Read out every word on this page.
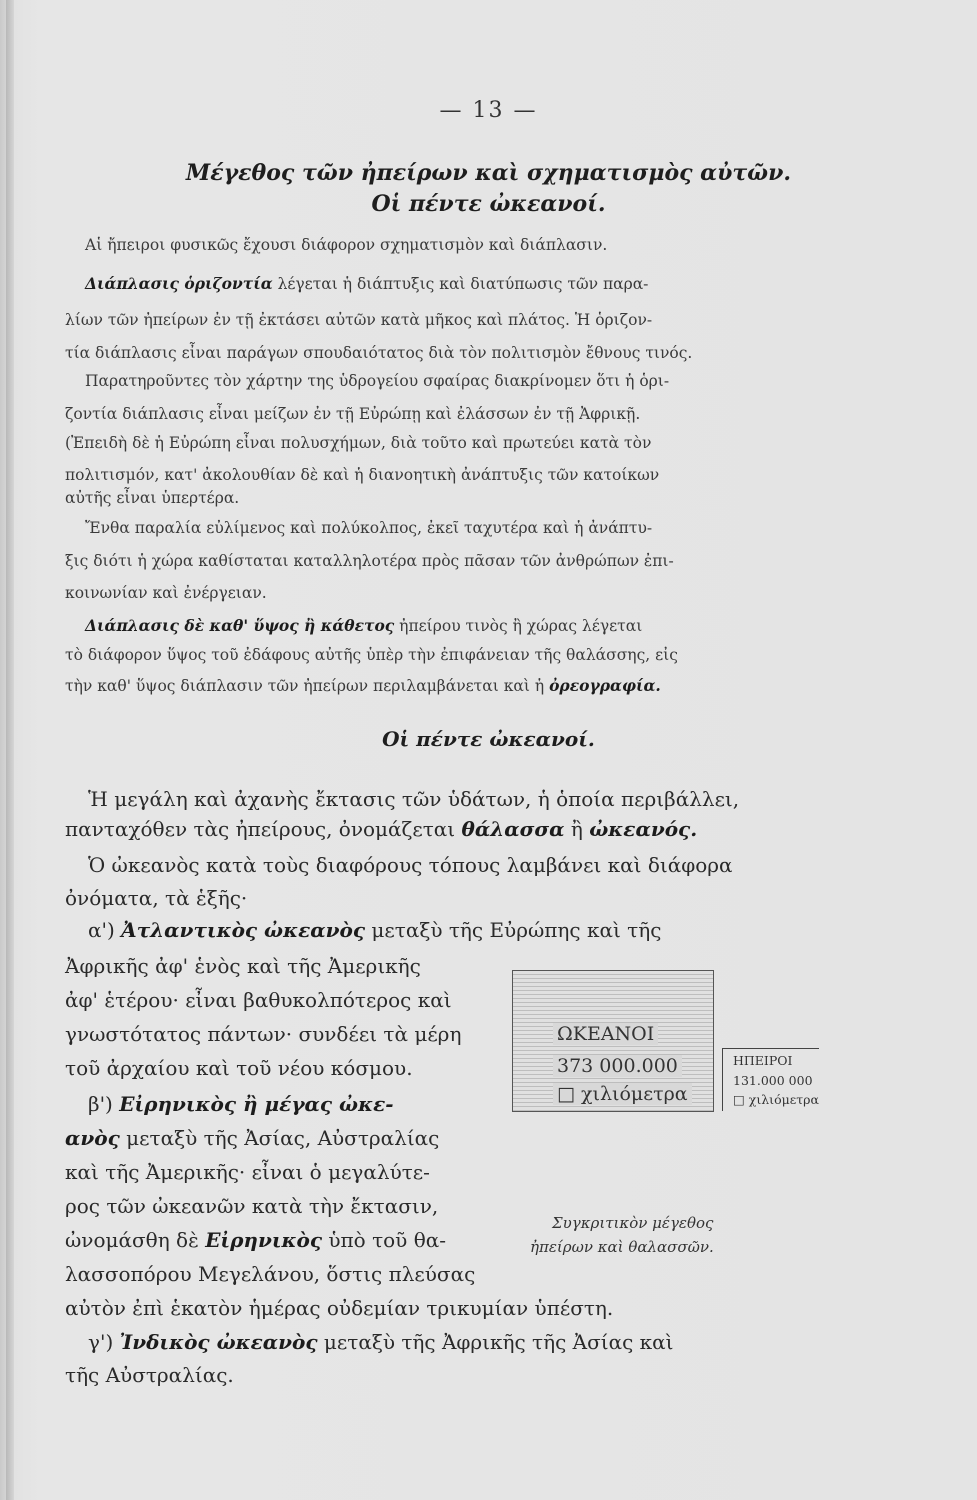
— 13 —
Μέγεθος τῶν ἠπείρων καὶ σχηματισμὸς αὐτῶν.
Οἱ πέντε ὠκεανοί.
Αἱ ἤπειροι φυσικῶς ἔχουσι διάφορον σχηματισμὸν καὶ διάπλασιν.
Διάπλασις ὁριζοντία λέγεται ἡ διάπτυξις καὶ διατύπωσις τῶν παρα-
λίων τῶν ἠπείρων ἐν τῇ ἐκτάσει αὐτῶν κατὰ μῆκος καὶ πλάτος. Ἡ ὁριζον-
τία διάπλασις εἶναι παράγων σπουδαιότατος διὰ τὸν πολιτισμὸν ἔθνους τινός.
Παρατηροῦντες τὸν χάρτην της ὑδρογείου σφαίρας διακρίνομεν ὅτι ἡ ὁρι-
ζοντία διάπλασις εἶναι μείζων ἐν τῇ Εὐρώπῃ καὶ ἐλάσσων ἐν τῇ Ἀφρικῇ.
(Ἐπειδὴ δὲ ἡ Εὐρώπη εἶναι πολυσχήμων, διὰ τοῦτο καὶ πρωτεύει κατὰ τὸν
πολιτισμόν, κατ' ἀκολουθίαν δὲ καὶ ἡ διανοητικὴ ἀνάπτυξις τῶν κατοίκων
αὐτῆς εἶναι ὑπερτέρα.
Ἔνθα παραλία εὐλίμενος καὶ πολύκολπος, ἐκεῖ ταχυτέρα καὶ ἡ ἀνάπτυ-
ξις διότι ἡ χώρα καθίσταται καταλληλοτέρα πρὸς πᾶσαν τῶν ἀνθρώπων ἐπι-
κοινωνίαν καὶ ἐνέργειαν.
Διάπλασις δὲ καθ' ὕψος ἢ κάθετος ἠπείρου τινὸς ἢ χώρας λέγεται
τὸ διάφορον ὕψος τοῦ ἐδάφους αὐτῆς ὑπὲρ τὴν ἐπιφάνειαν τῆς θαλάσσης, εἰς
τὴν καθ' ὕψος διάπλασιν τῶν ἠπείρων περιλαμβάνεται καὶ ἡ ὀρεογραφία.
Οἱ πέντε ὠκεανοί.
Ἡ μεγάλη καὶ ἀχανὴς ἔκτασις τῶν ὑδάτων, ἡ ὁποία περιβάλλει,
πανταχόθεν τὰς ἠπείρους, ὀνομάζεται θάλασσα ἢ ὠκεανός.
Ὁ ὠκεανὸς κατὰ τοὺς διαφόρους τόπους λαμβάνει καὶ διάφορα
ὀνόματα, τὰ ἑξῆς·
α') Ἀτλαντικὸς ὠκεανὸς μεταξὺ τῆς Εὐρώπης καὶ τῆς
Ἀφρικῆς ἀφ' ἑνὸς καὶ τῆς Ἀμερικῆς
ἀφ' ἑτέρου· εἶναι βαθυκολπότερος καὶ
γνωστότατος πάντων· συνδέει τὰ μέρη
τοῦ ἀρχαίου καὶ τοῦ νέου κόσμου.
β') Εἰρηνικὸς ἢ μέγας ὠκε-
ανὸς μεταξὺ τῆς Ἀσίας, Αὐστραλίας
καὶ τῆς Ἀμερικῆς· εἶναι ὁ μεγαλύτε-
ρος τῶν ὠκεανῶν κατὰ τὴν ἔκτασιν,
ὠνομάσθη δὲ Εἰρηνικὸς ὑπὸ τοῦ θα-
λασσοπόρου Μεγελάνου, ὅστις πλεύσας
αὐτὸν ἐπὶ ἑκατὸν ἡμέρας οὐδεμίαν τρικυμίαν ὑπέστη.
γ') Ἰνδικὸς ὠκεανὸς μεταξὺ τῆς Ἀφρικῆς τῆς Ἀσίας καὶ
τῆς Αὐστραλίας.
ΩΚΕΑΝΟΙ
373 000.000
□ χιλιόμετρα
ΗΠΕΙΡΟΙ
131.000 000
□ χιλιόμετρα
Συγκριτικὸν μέγεθος
ἠπείρων καὶ θαλασσῶν.
